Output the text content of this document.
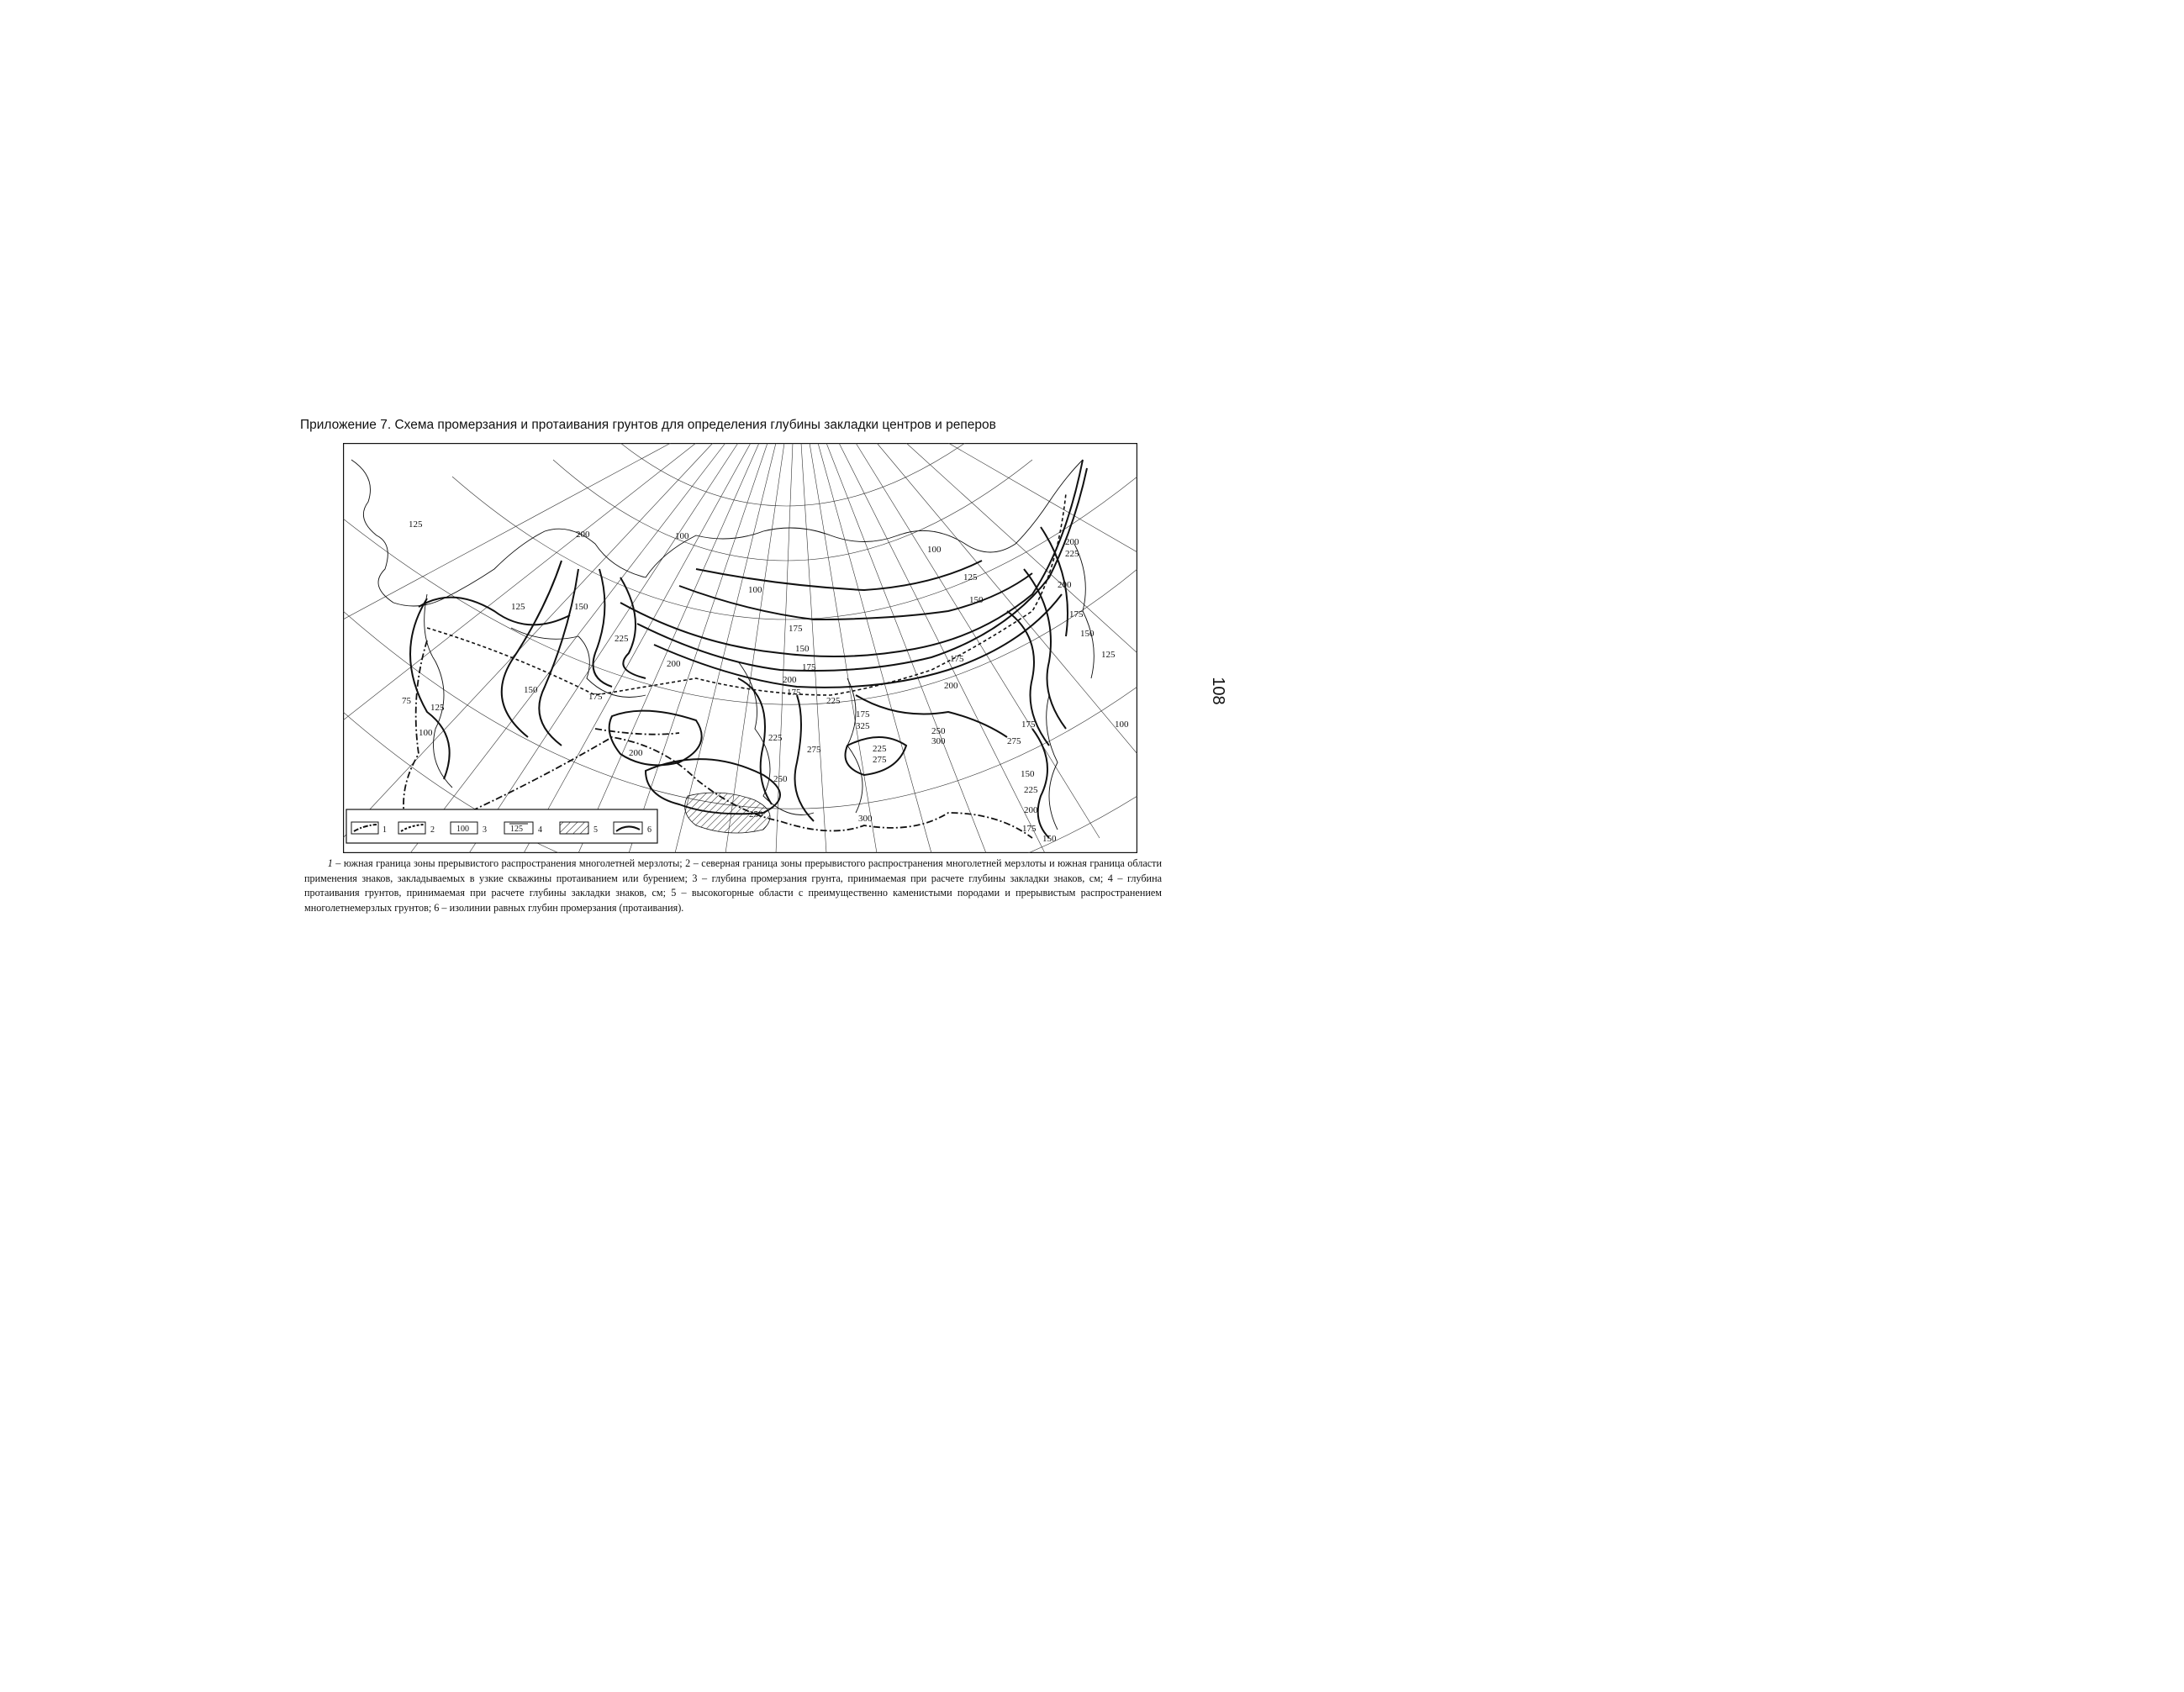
Приложение 7. Схема промерзания и протаивания грунтов для определения глубины закладки центров и реперов
125
200
125	150
150
175
75
125
100
225
200
200
100
100
175
150
175
200
175
225
225
250
275
175
325
225
275
250
300
300
250
100
125
150
175
200
200
225
200
175
150
125
175
275
100
150
225
200
175
150
1	2	100 3	125 4	5	6
1 – южная граница зоны прерывистого распространения многолетней мерзлоты; 2 – северная граница зоны прерывистого распространения многолетней мерзлоты и южная граница области применения знаков, закладываемых в узкие скважины протаиванием или бурением; 3 – глубина промерзания грунта, принимаемая при расчете глубины закладки знаков, см; 4 – глубина протаивания грунтов, принимаемая при расчете глубины закладки знаков, см; 5 – высокогорные области с преимущественно каменистыми породами и прерывистым распространением многолетнемерзлых грунтов; 6 – изолинии равных глубин промерзания (протаивания).
108
